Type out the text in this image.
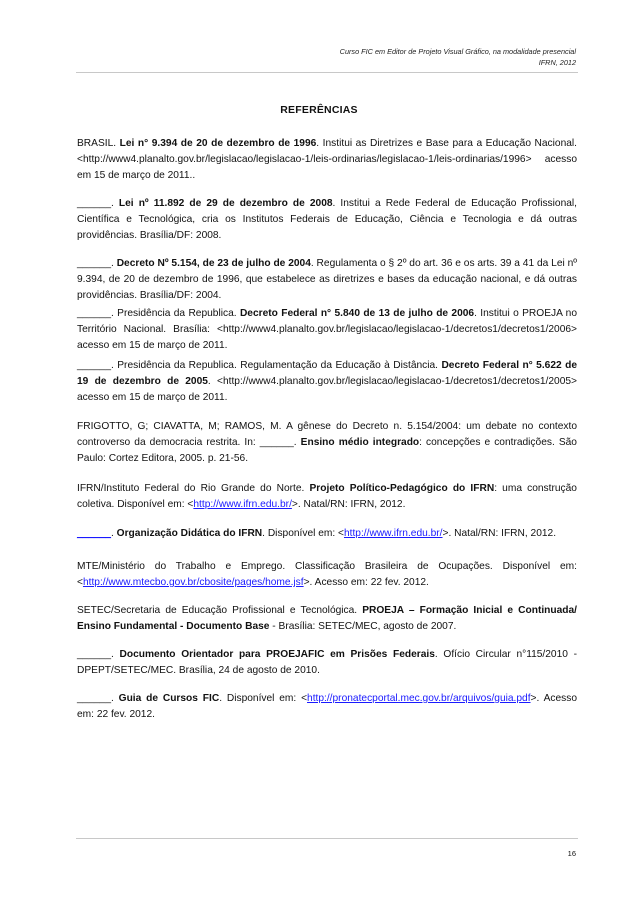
Curso FIC em Editor de Projeto Visual Gráfico, na modalidade presencial
IFRN, 2012
REFERÊNCIAS
BRASIL. Lei n° 9.394 de 20 de dezembro de 1996. Institui as Diretrizes e Base para a Educação Nacional. <http://www4.planalto.gov.br/legislacao/legislacao-1/leis-ordinarias/legislacao-1/leis-ordinarias/1996> acesso em 15 de março de 2011..
______. Lei nº 11.892 de 29 de dezembro de 2008. Institui a Rede Federal de Educação Profissional, Científica e Tecnológica, cria os Institutos Federais de Educação, Ciência e Tecnologia e dá outras providências. Brasília/DF: 2008.
______. Decreto Nº 5.154, de 23 de julho de 2004. Regulamenta o § 2º do art. 36 e os arts. 39 a 41 da Lei nº 9.394, de 20 de dezembro de 1996, que estabelece as diretrizes e bases da educação nacional, e dá outras providências. Brasília/DF: 2004.
______. Presidência da Republica. Decreto Federal n° 5.840 de 13 de julho de 2006. Institui o PROEJA no Território Nacional. Brasília: <http://www4.planalto.gov.br/legislacao/legislacao-1/decretos1/decretos1/2006> acesso em 15 de março de 2011.
______. Presidência da Republica. Regulamentação da Educação à Distância. Decreto Federal n° 5.622 de 19 de dezembro de 2005. <http://www4.planalto.gov.br/legislacao/legislacao-1/decretos1/decretos1/2005> acesso em 15 de março de 2011.
FRIGOTTO, G; CIAVATTA, M; RAMOS, M. A gênese do Decreto n. 5.154/2004: um debate no contexto controverso da democracia restrita. In: ______. Ensino médio integrado: concepções e contradições. São Paulo: Cortez Editora, 2005. p. 21-56.
IFRN/Instituto Federal do Rio Grande do Norte. Projeto Político-Pedagógico do IFRN: uma construção coletiva. Disponível em: <http://www.ifrn.edu.br/>. Natal/RN: IFRN, 2012.
______. Organização Didática do IFRN. Disponível em: <http://www.ifrn.edu.br/>. Natal/RN: IFRN, 2012.
MTE/Ministério do Trabalho e Emprego. Classificação Brasileira de Ocupações. Disponível em: <http://www.mtecbo.gov.br/cbosite/pages/home.jsf>. Acesso em: 22 fev. 2012.
SETEC/Secretaria de Educação Profissional e Tecnológica. PROEJA – Formação Inicial e Continuada/ Ensino Fundamental - Documento Base - Brasília: SETEC/MEC, agosto de 2007.
______. Documento Orientador para PROEJAFIC em Prisões Federais. Ofício Circular n°115/2010 - DPEPT/SETEC/MEC. Brasília, 24 de agosto de 2010.
______. Guia de Cursos FIC. Disponível em: <http://pronatecportal.mec.gov.br/arquivos/guia.pdf>. Acesso em: 22 fev. 2012.
16
